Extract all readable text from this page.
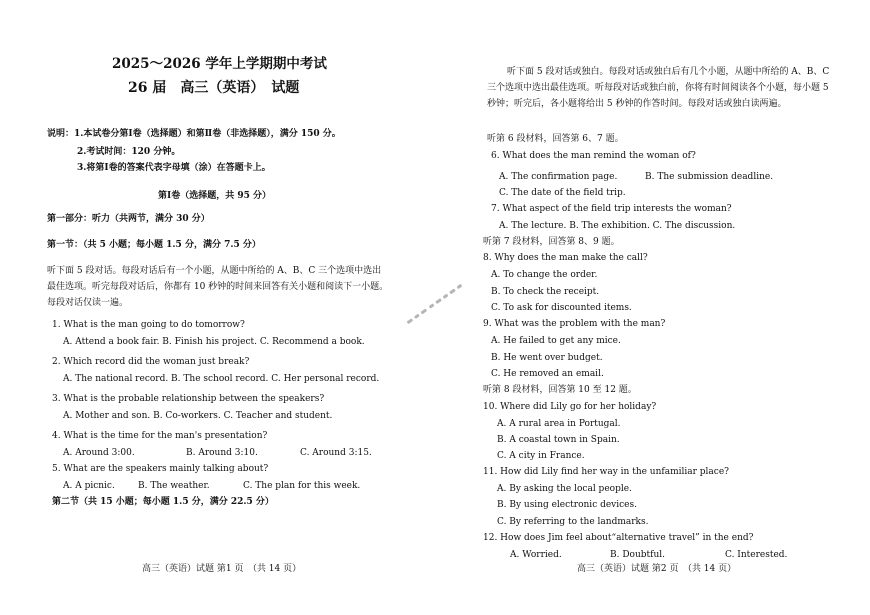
2025～2026 学年上学期期中考试
26 届　高三（英语）　试题
说明：1.本试卷分第Ⅰ卷（选择题）和第Ⅱ卷（非选择题），满分 150 分。
2.考试时间：120 分钟。
3.将第Ⅰ卷的答案代表字母填（涂）在答题卡上。
第Ⅰ卷（选择题，共 95 分）
第一部分：听力（共两节，满分 30 分）
第一节：（共 5 小题；每小题 1.5 分，满分 7.5 分）
听下面 5 段对话。每段对话后有一个小题，从题中所给的 A、B、C 三个选项中选出最佳选项。听完每段对话后，你都有 10 秒钟的时间来回答有关小题和阅读下一小题。每段对话仅读一遍。
1. What is the man going to do tomorrow?
A. Attend a book fair. B. Finish his project. C. Recommend a book.
2. Which record did the woman just break?
A. The national record. B. The school record. C. Her personal record.
3. What is the probable relationship between the speakers?
A. Mother and son. B. Co-workers. C. Teacher and student.
4. What is the time for the man's presentation?
A. Around 3:00.	B. Around 3:10.	C. Around 3:15.
5. What are the speakers mainly talking about?
A. A picnic.	B. The weather.	C. The plan for this week.
第二节（共 15 小题；每小题 1.5 分，满分 22.5 分）
高三（英语）试题 第1 页　（共 14 页）
听下面 5 段对话或独白。每段对话或独白后有几个小题，从题中所给的 A、B、C 三个选项中选出最佳选项。听每段对话或独白前，你将有时间阅读各个小题，每小题 5 秒钟；听完后，各小题将给出 5 秒钟的作答时间。每段对话或独白读两遍。
听第 6 段材料，回答第 6、7 题。
6. What does the man remind the woman of?
A. The confirmation page.	B. The submission deadline.
C. The date of the field trip.
7. What aspect of the field trip interests the woman?
A. The lecture. B. The exhibition. C. The discussion.
听第 7 段材料，回答第 8、9 题。
8. Why does the man make the call?
A. To change the order.
B. To check the receipt.
C. To ask for discounted items.
9. What was the problem with the man?
A. He failed to get any mice.
B. He went over budget.
C. He removed an email.
听第 8 段材料，回答第 10 至 12 题。
10. Where did Lily go for her holiday?
A. A rural area in Portugal.
B. A coastal town in Spain.
C. A city in France.
11. How did Lily find her way in the unfamiliar place?
A. By asking the local people.
B. By using electronic devices.
C. By referring to the landmarks.
12. How does Jim feel about“alternative travel” in the end?
A. Worried.	B. Doubtful.	C. Interested.
高三（英语）试题 第2 页　（共 14 页）
